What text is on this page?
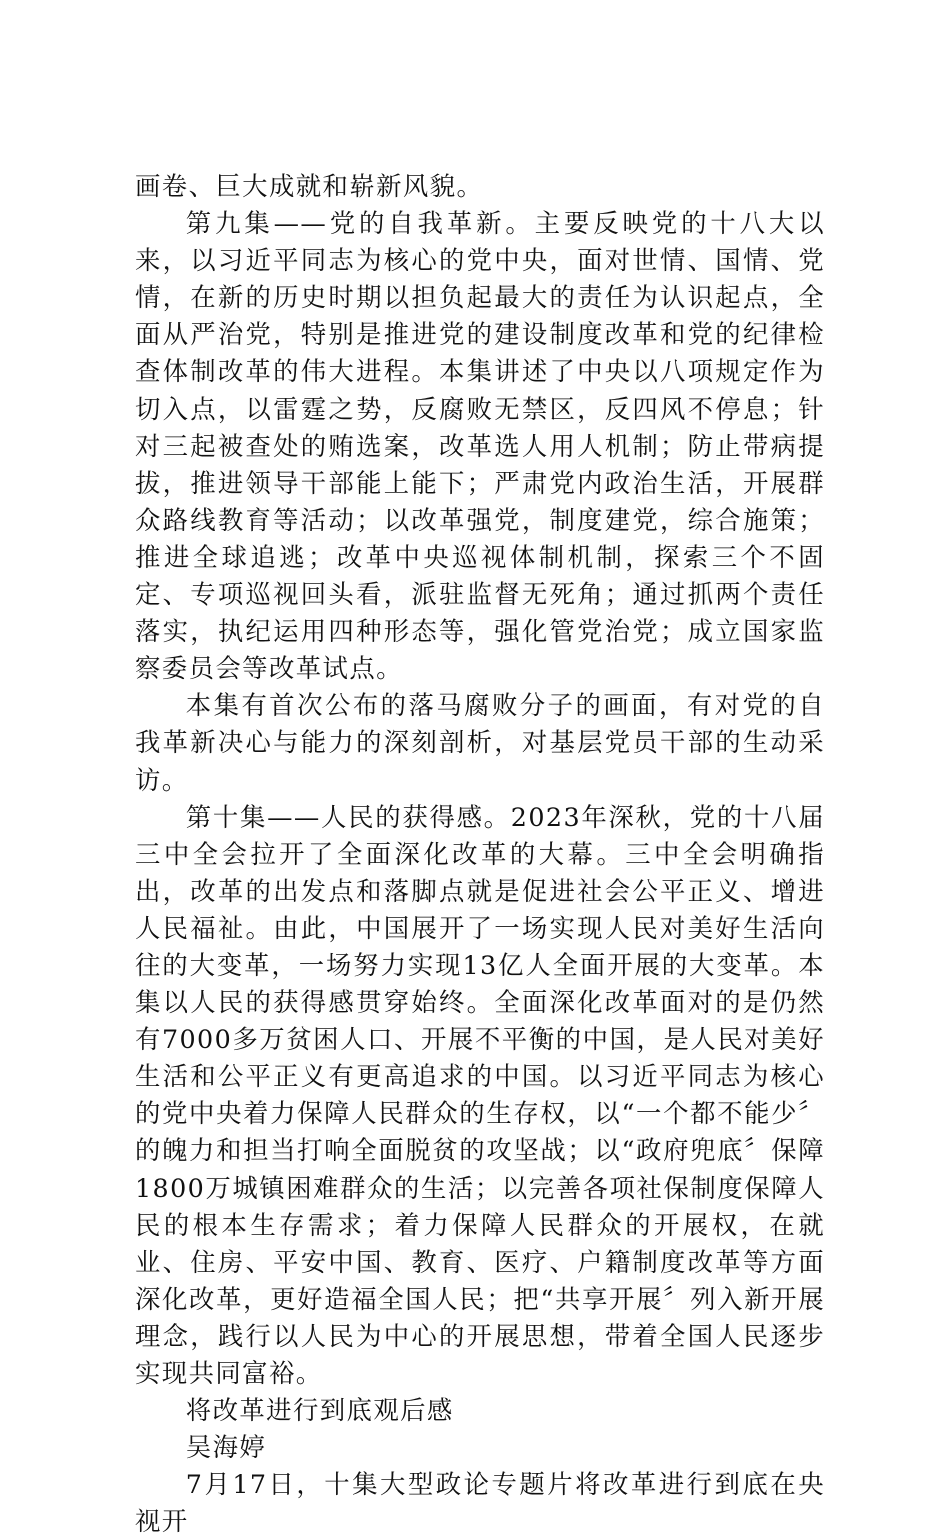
画卷、巨大成就和崭新风貌。

第九集——党的自我革新。主要反映党的十八大以来，以习近平同志为核心的党中央，面对世情、国情、党情，在新的历史时期以担负起最大的责任为认识起点，全面从严治党，特别是推进党的建设制度改革和党的纪律检查体制改革的伟大进程。本集讲述了中央以八项规定作为切入点，以雷霆之势，反腐败无禁区，反四风不停息；针对三起被查处的贿选案，改革选人用人机制；防止带病提拔，推进领导干部能上能下；严肃党内政治生活，开展群众路线教育等活动；以改革强党，制度建党，综合施策；推进全球追逃；改革中央巡视体制机制，探索三个不固定、专项巡视回头看，派驻监督无死角；通过抓两个责任落实，执纪运用四种形态等，强化管党治党；成立国家监察委员会等改革试点。

本集有首次公布的落马腐败分子的画面，有对党的自我革新决心与能力的深刻剖析，对基层党员干部的生动采访。

第十集——人民的获得感。2023年深秋，党的十八届三中全会拉开了全面深化改革的大幕。三中全会明确指出，改革的出发点和落脚点就是促进社会公平正义、增进人民福祉。由此，中国展开了一场实现人民对美好生活向往的大变革，一场努力实现13亿人全面开展的大变革。本集以人民的获得感贯穿始终。全面深化改革面对的是仍然有7000多万贫困人口、开展不平衡的中国，是人民对美好生活和公平正义有更高追求的中国。以习近平同志为核心的党中央着力保障人民群众的生存权，以“一个都不能少〞的魄力和担当打响全面脱贫的攻坚战；以“政府兜底〞保障1800万城镇困难群众的生活；以完善各项社保制度保障人民的根本生存需求；着力保障人民群众的开展权，在就业、住房、平安中国、教育、医疗、户籍制度改革等方面深化改革，更好造福全国人民；把“共享开展〞列入新开展理念，践行以人民为中心的开展思想，带着全国人民逐步实现共同富裕。

将改革进行到底观后感

吴海婷

7月17日，十集大型政论专题片将改革进行到底在央视开
